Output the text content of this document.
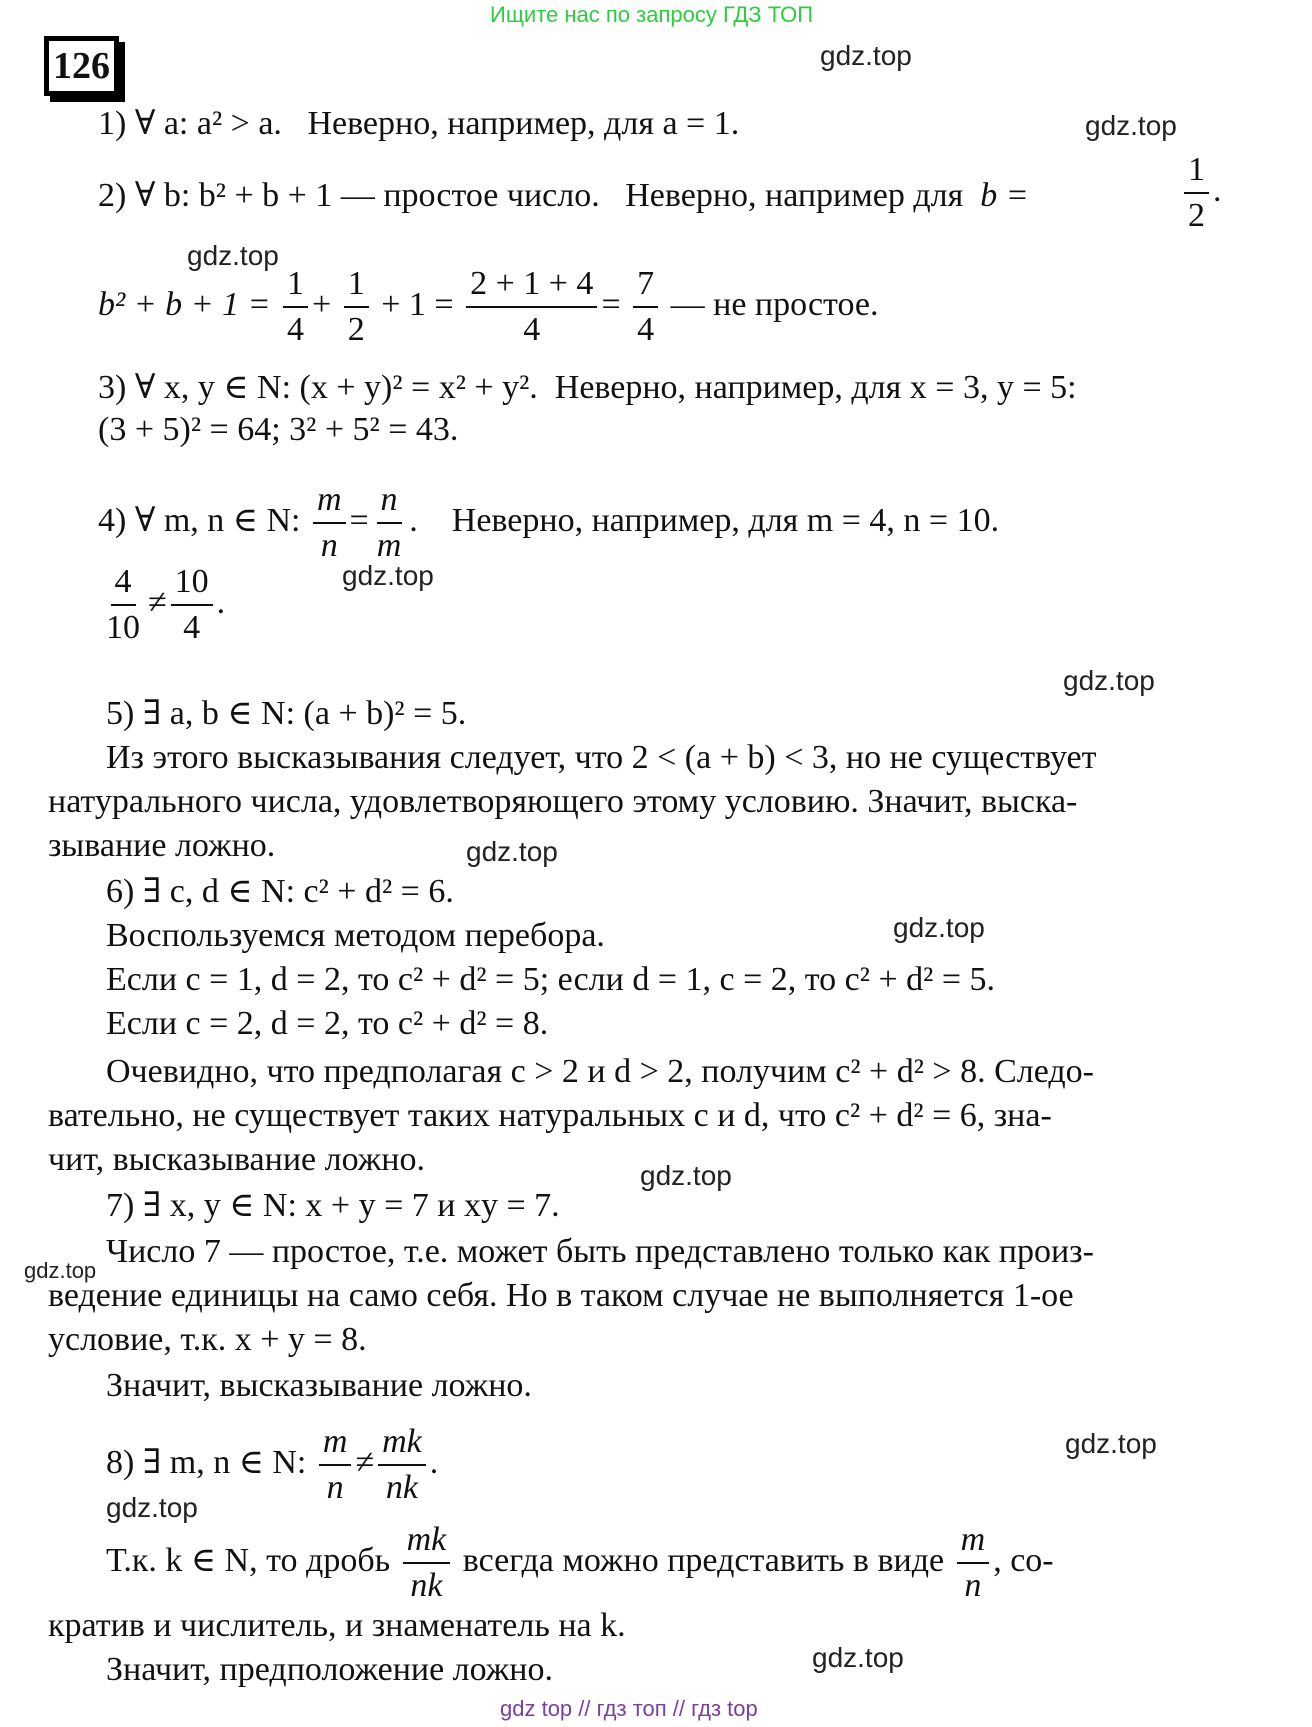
Ищите нас по запросу ГДЗ ТОП
126	gdz.top
gdz.top
gdz.top
gdz.top
gdz.top
gdz.top
gdz.top
gdz.top
gdz.top
gdz.top
gdz.top
gdz.top
1) ∀ a: a² > a. Неверно, например, для a = 1.
2) ∀ b: b² + b + 1 — простое число. Неверно, например для b =	$\frac{1}{2}$ .
$b^2 + b + 1 = \frac{1}{4} + \frac{1}{2} + 1 = \frac{2 + 1 + 4}{4} = \frac{7}{4}$ — не простое.
3) ∀ x, y ∈ N: (x + y)² = x² + y². Неверно, например, для x = 3, y = 5:
(3 + 5)² = 64; 3² + 5² = 43.
4) ∀ m, n ∈ N: $\frac{m}{n} = \frac{n}{m}$ .    Неверно, например, для m = 4, n = 10.
$\frac{4}{10} \ne \frac{10}{4}$ .
5) ∃ a, b ∈ N: (a + b)² = 5.
Из этого высказывания следует, что 2 < (a + b) < 3, но не существует
натурального числа, удовлетворяющего этому условию. Значит, выска-
зывание ложно.
6) ∃ c, d ∈ N: c² + d² = 6.
Воспользуемся методом перебора.
Если c = 1, d = 2, то c² + d² = 5; если d = 1, c = 2, то c² + d² = 5.
Если c = 2, d = 2, то c² + d² = 8.
Очевидно, что предполагая c > 2 и d > 2, получим c² + d² > 8. Следо-
вательно, не существует таких натуральных c и d, что c² + d² = 6, зна-
чит, высказывание ложно.
7) ∃ x, y ∈ N: x + y = 7 и xy = 7.
Число 7 — простое, т.е. может быть представлено только как произ-
ведение единицы на само себя. Но в таком случае не выполняется 1-ое
условие, т.к. x + y = 8.
Значит, высказывание ложно.
8) ∃ m, n ∈ N: $\frac{m}{n} \ne \frac{mk}{nk}$ .
Т.к. k ∈ N, то дробь $\frac{mk}{nk}$ всегда можно представить в виде $\frac{m}{n}$ , со-
кратив и числитель, и знаменатель на k.
Значит, предположение ложно.
gdz top // гдз топ // гдз top
